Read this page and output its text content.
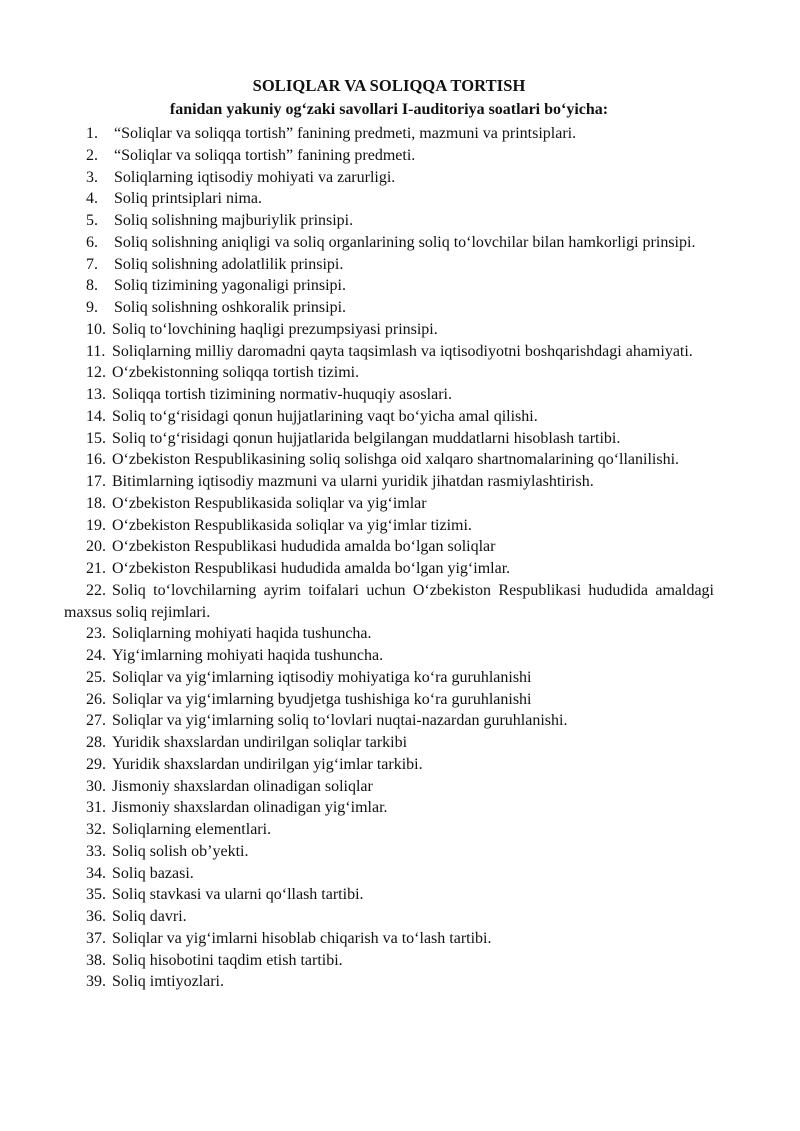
SOLIQLAR VA SOLIQQA TORTISH
fanidan yakuniy og‘zaki savollari I-auditoriya soatlari bo‘yicha:
1. “Soliqlar va soliqqa tortish” fanining predmeti, mazmuni va printsiplari.
2. “Soliqlar va soliqqa tortish” fanining predmeti.
3. Soliqlarning iqtisodiy mohiyati va zarurligi.
4. Soliq printsiplari nima.
5. Soliq solishning majburiylik prinsipi.
6. Soliq solishning aniqligi va soliq organlarining soliq to‘lovchilar bilan hamkorligi prinsipi.
7. Soliq solishning adolatlilik prinsipi.
8. Soliq tizimining yagonaligi prinsipi.
9. Soliq solishning oshkoralik prinsipi.
10. Soliq to‘lovchining haqligi prezumpsiyasi prinsipi.
11. Soliqlarning milliy daromadni qayta taqsimlash va iqtisodiyotni boshqarishdagi ahamiyati.
12. O‘zbekistonning soliqqa tortish tizimi.
13. Soliqqa tortish tizimining normativ-huquqiy asoslari.
14. Soliq to‘g‘risidagi qonun hujjatlarining vaqt bo‘yicha amal qilishi.
15. Soliq to‘g‘risidagi qonun hujjatlarida belgilangan muddatlarni hisoblash tartibi.
16. O‘zbekiston Respublikasining soliq solishga oid xalqaro shartnomalarining qo‘llanilishi.
17. Bitimlarning iqtisodiy mazmuni va ularni yuridik jihatdan rasmiylashtirish.
18. O‘zbekiston Respublikasida soliqlar va yig‘imlar
19. O‘zbekiston Respublikasida soliqlar va yig‘imlar tizimi.
20. O‘zbekiston Respublikasi hududida amalda bo‘lgan soliqlar
21. O‘zbekiston Respublikasi hududida amalda bo‘lgan yig‘imlar.
22. Soliq to‘lovchilarning ayrim toifalari uchun O‘zbekiston Respublikasi hududida amaldagi maxsus soliq rejimlari.
23. Soliqlarning mohiyati haqida tushuncha.
24. Yig‘imlarning mohiyati haqida tushuncha.
25. Soliqlar va yig‘imlarning iqtisodiy mohiyatiga ko‘ra guruhlanishi
26. Soliqlar va yig‘imlarning byudjetga tushishiga ko‘ra guruhlanishi
27. Soliqlar va yig‘imlarning soliq to‘lovlari nuqtai-nazardan guruhlanishi.
28. Yuridik shaxslardan undirilgan soliqlar tarkibi
29. Yuridik shaxslardan undirilgan yig‘imlar tarkibi.
30. Jismoniy shaxslardan olinadigan soliqlar
31. Jismoniy shaxslardan olinadigan yig‘imlar.
32. Soliqlarning elementlari.
33. Soliq solish ob’yekti.
34. Soliq bazasi.
35. Soliq stavkasi va ularni qo‘llash tartibi.
36. Soliq davri.
37. Soliqlar va yig‘imlarni hisoblab chiqarish va to‘lash tartibi.
38. Soliq hisobotini taqdim etish tartibi.
39. Soliq imtiyozlari.
